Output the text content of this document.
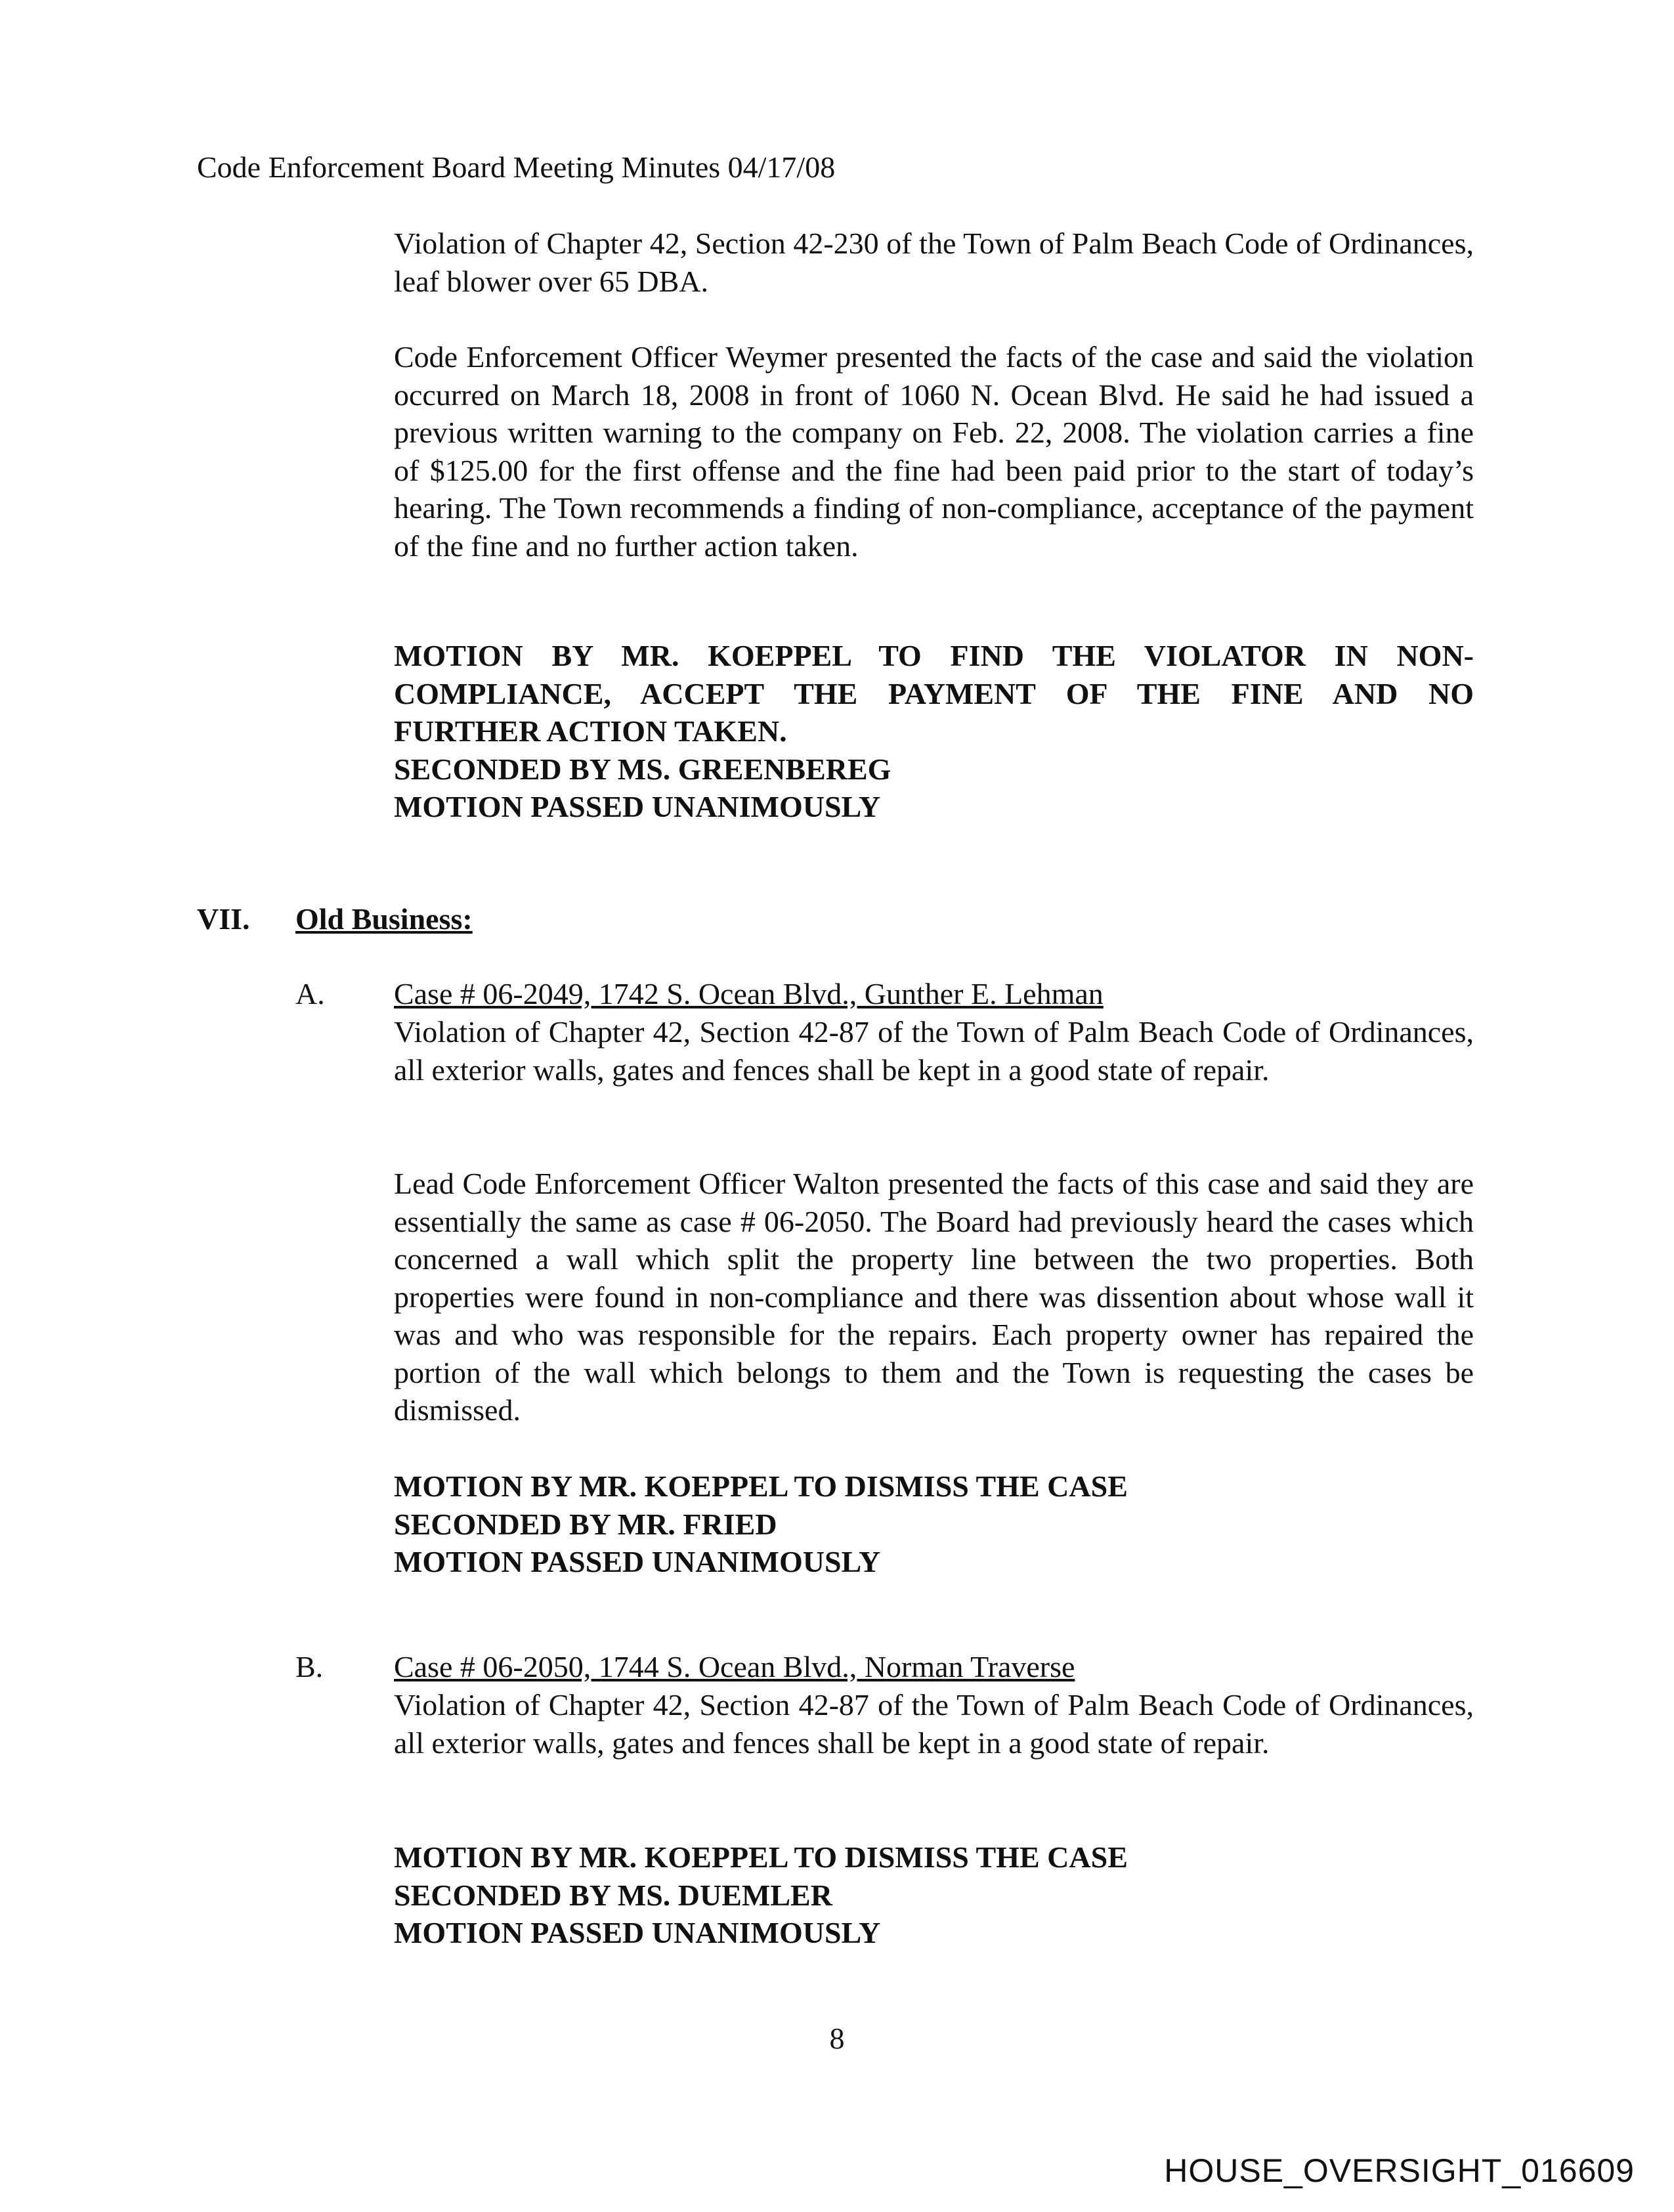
Code Enforcement Board Meeting Minutes 04/17/08
Violation of Chapter 42, Section 42-230 of the Town of Palm Beach Code of Ordinances, leaf blower over 65 DBA.
Code Enforcement Officer Weymer presented the facts of the case and said the violation occurred on March 18, 2008 in front of 1060 N. Ocean Blvd. He said he had issued a previous written warning to the company on Feb. 22, 2008. The violation carries a fine of $125.00 for the first offense and the fine had been paid prior to the start of today’s hearing. The Town recommends a finding of non-compliance, acceptance of the payment of the fine and no further action taken.
MOTION BY MR. KOEPPEL TO FIND THE VIOLATOR IN NON-
COMPLIANCE, ACCEPT THE PAYMENT OF THE FINE AND NO
FURTHER ACTION TAKEN.
SECONDED BY MS. GREENBEREG
MOTION PASSED UNANIMOUSLY
VII. Old Business:
A. Case # 06-2049, 1742 S. Ocean Blvd., Gunther E. Lehman
Violation of Chapter 42, Section 42-87 of the Town of Palm Beach Code of Ordinances, all exterior walls, gates and fences shall be kept in a good state of repair.
Lead Code Enforcement Officer Walton presented the facts of this case and said they are essentially the same as case # 06-2050. The Board had previously heard the cases which concerned a wall which split the property line between the two properties. Both properties were found in non-compliance and there was dissention about whose wall it was and who was responsible for the repairs. Each property owner has repaired the portion of the wall which belongs to them and the Town is requesting the cases be dismissed.
MOTION BY MR. KOEPPEL TO DISMISS THE CASE
SECONDED BY MR. FRIED
MOTION PASSED UNANIMOUSLY
B. Case # 06-2050, 1744 S. Ocean Blvd., Norman Traverse
Violation of Chapter 42, Section 42-87 of the Town of Palm Beach Code of Ordinances, all exterior walls, gates and fences shall be kept in a good state of repair.
MOTION BY MR. KOEPPEL TO DISMISS THE CASE
SECONDED BY MS. DUEMLER
MOTION PASSED UNANIMOUSLY
8
HOUSE_OVERSIGHT_016609
